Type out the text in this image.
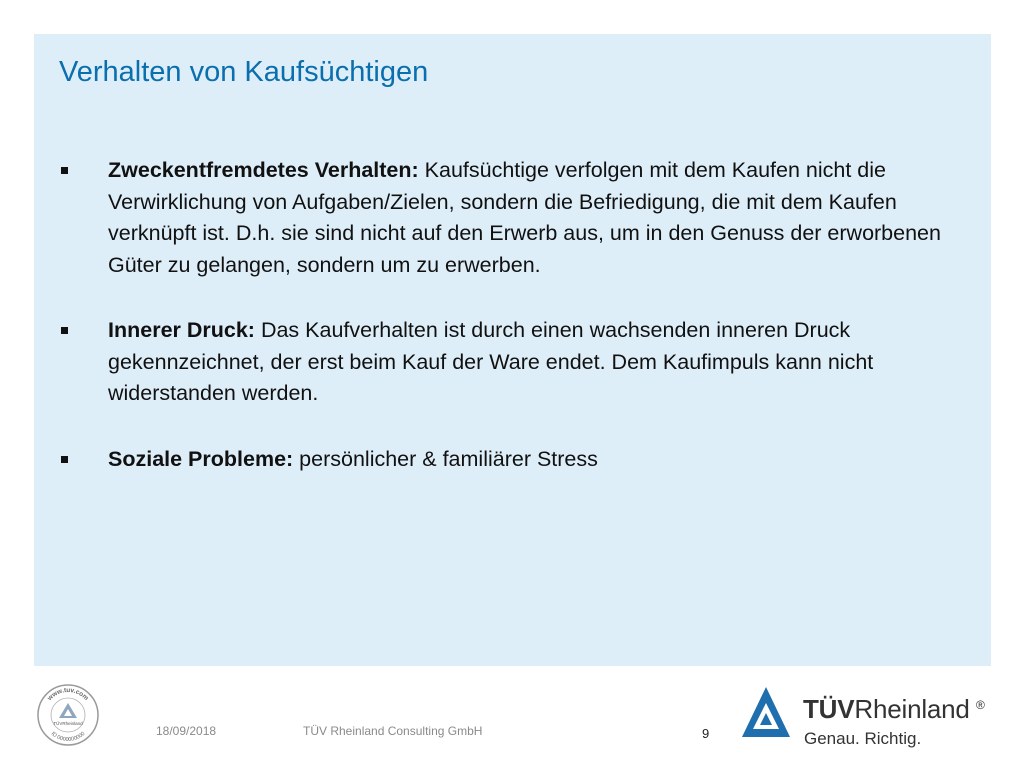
Verhalten von Kaufsüchtigen
Zweckentfremdetes Verhalten: Kaufsüchtige verfolgen mit dem Kaufen nicht die Verwirklichung von Aufgaben/Zielen, sondern die Befriedigung, die mit dem Kaufen verknüpft ist. D.h. sie sind nicht auf den Erwerb aus, um in den Genuss der erworbenen Güter zu gelangen, sondern um zu erwerben.
Innerer Druck: Das Kaufverhalten ist durch einen wachsenden inneren Druck gekennzeichnet, der erst beim Kauf der Ware endet. Dem Kaufimpuls kann nicht widerstanden werden.
Soziale Probleme: persönlicher & familiärer Stress
www.tuv.com
ID 0000000000
TÜVRheinland
18/09/2018	TÜV Rheinland Consulting GmbH	9
TÜVRheinland ®
Genau. Richtig.
